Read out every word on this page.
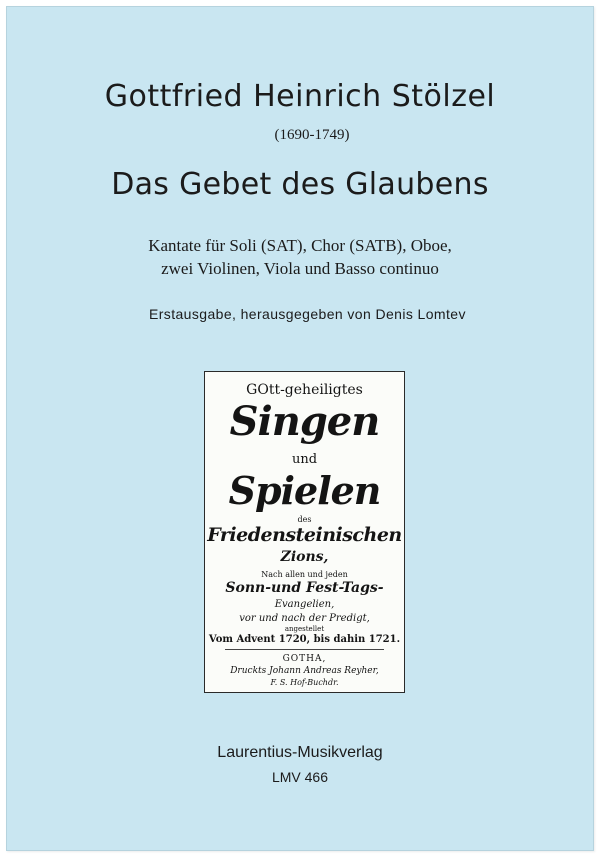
Gottfried Heinrich Stölzel
(1690-1749)
Das Gebet des Glaubens
Kantate für Soli (SAT), Chor (SATB), Oboe,
zwei Violinen, Viola und Basso continuo
Erstausgabe, herausgegeben von Denis Lomtev
GOtt-geheiligtes
Singen
und
Spielen
des
Friedensteinischen
Zions,
Nach allen und jeden
Sonn-und Fest-Tags-
Evangelien,
vor und nach der Predigt,
angestellet
Vom Advent 1720, bis dahin 1721.
GOTHA,
Druckts Johann Andreas Reyher,
F. S. Hof-Buchdr.
Laurentius-Musikverlag
LMV 466
